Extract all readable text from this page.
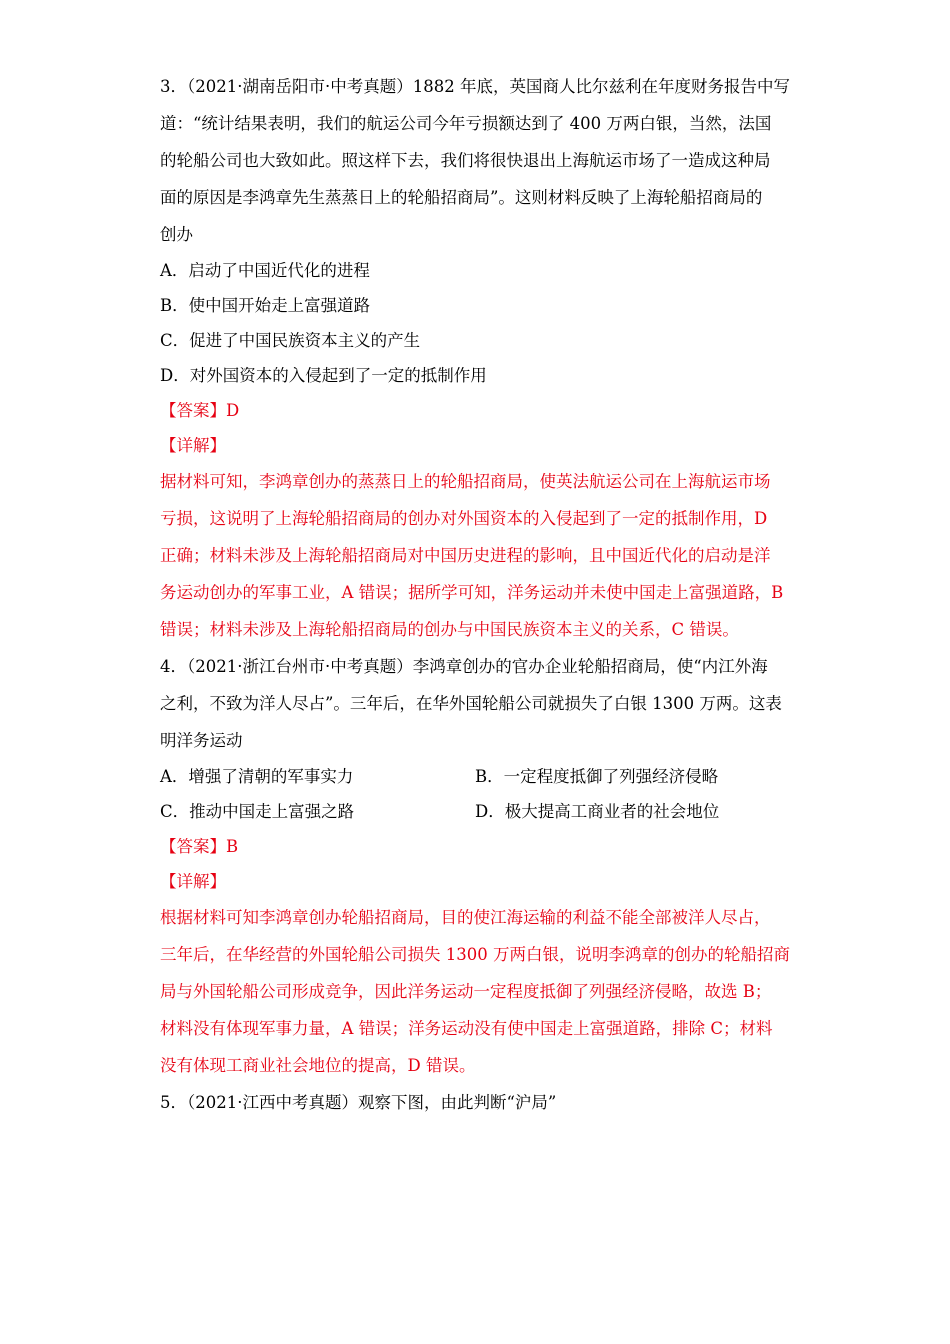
3．（2021·湖南岳阳市·中考真题）1882 年底，英国商人比尔兹利在年度财务报告中写
道：“统计结果表明，我们的航运公司今年亏损额达到了 400 万两白银，当然，法国
的轮船公司也大致如此。照这样下去，我们将很快退出上海航运市场了一造成这种局
面的原因是李鸿章先生蒸蒸日上的轮船招商局”。这则材料反映了上海轮船招商局的
创办
A．启动了中国近代化的进程
B．使中国开始走上富强道路
C．促进了中国民族资本主义的产生
D．对外国资本的入侵起到了一定的抵制作用
【答案】D
【详解】
据材料可知，李鸿章创办的蒸蒸日上的轮船招商局，使英法航运公司在上海航运市场
亏损，这说明了上海轮船招商局的创办对外国资本的入侵起到了一定的抵制作用，D
正确；材料未涉及上海轮船招商局对中国历史进程的影响，且中国近代化的启动是洋
务运动创办的军事工业，A 错误；据所学可知，洋务运动并未使中国走上富强道路，B
错误；材料未涉及上海轮船招商局的创办与中国民族资本主义的关系，C 错误。
4．（2021·浙江台州市·中考真题）李鸿章创办的官办企业轮船招商局，使“内江外海
之利，不致为洋人尽占”。三年后，在华外国轮船公司就损失了白银 1300 万两。这表
明洋务运动
A．增强了清朝的军事实力	B．一定程度抵御了列强经济侵略
C．推动中国走上富强之路	D．极大提高工商业者的社会地位
【答案】B
【详解】
根据材料可知李鸿章创办轮船招商局，目的使江海运输的利益不能全部被洋人尽占，
三年后，在华经营的外国轮船公司损失 1300 万两白银，说明李鸿章的创办的轮船招商
局与外国轮船公司形成竞争，因此洋务运动一定程度抵御了列强经济侵略，故选 B；
材料没有体现军事力量，A 错误；洋务运动没有使中国走上富强道路，排除 C；材料
没有体现工商业社会地位的提高，D 错误。
5．（2021·江西中考真题）观察下图，由此判断“沪局”
